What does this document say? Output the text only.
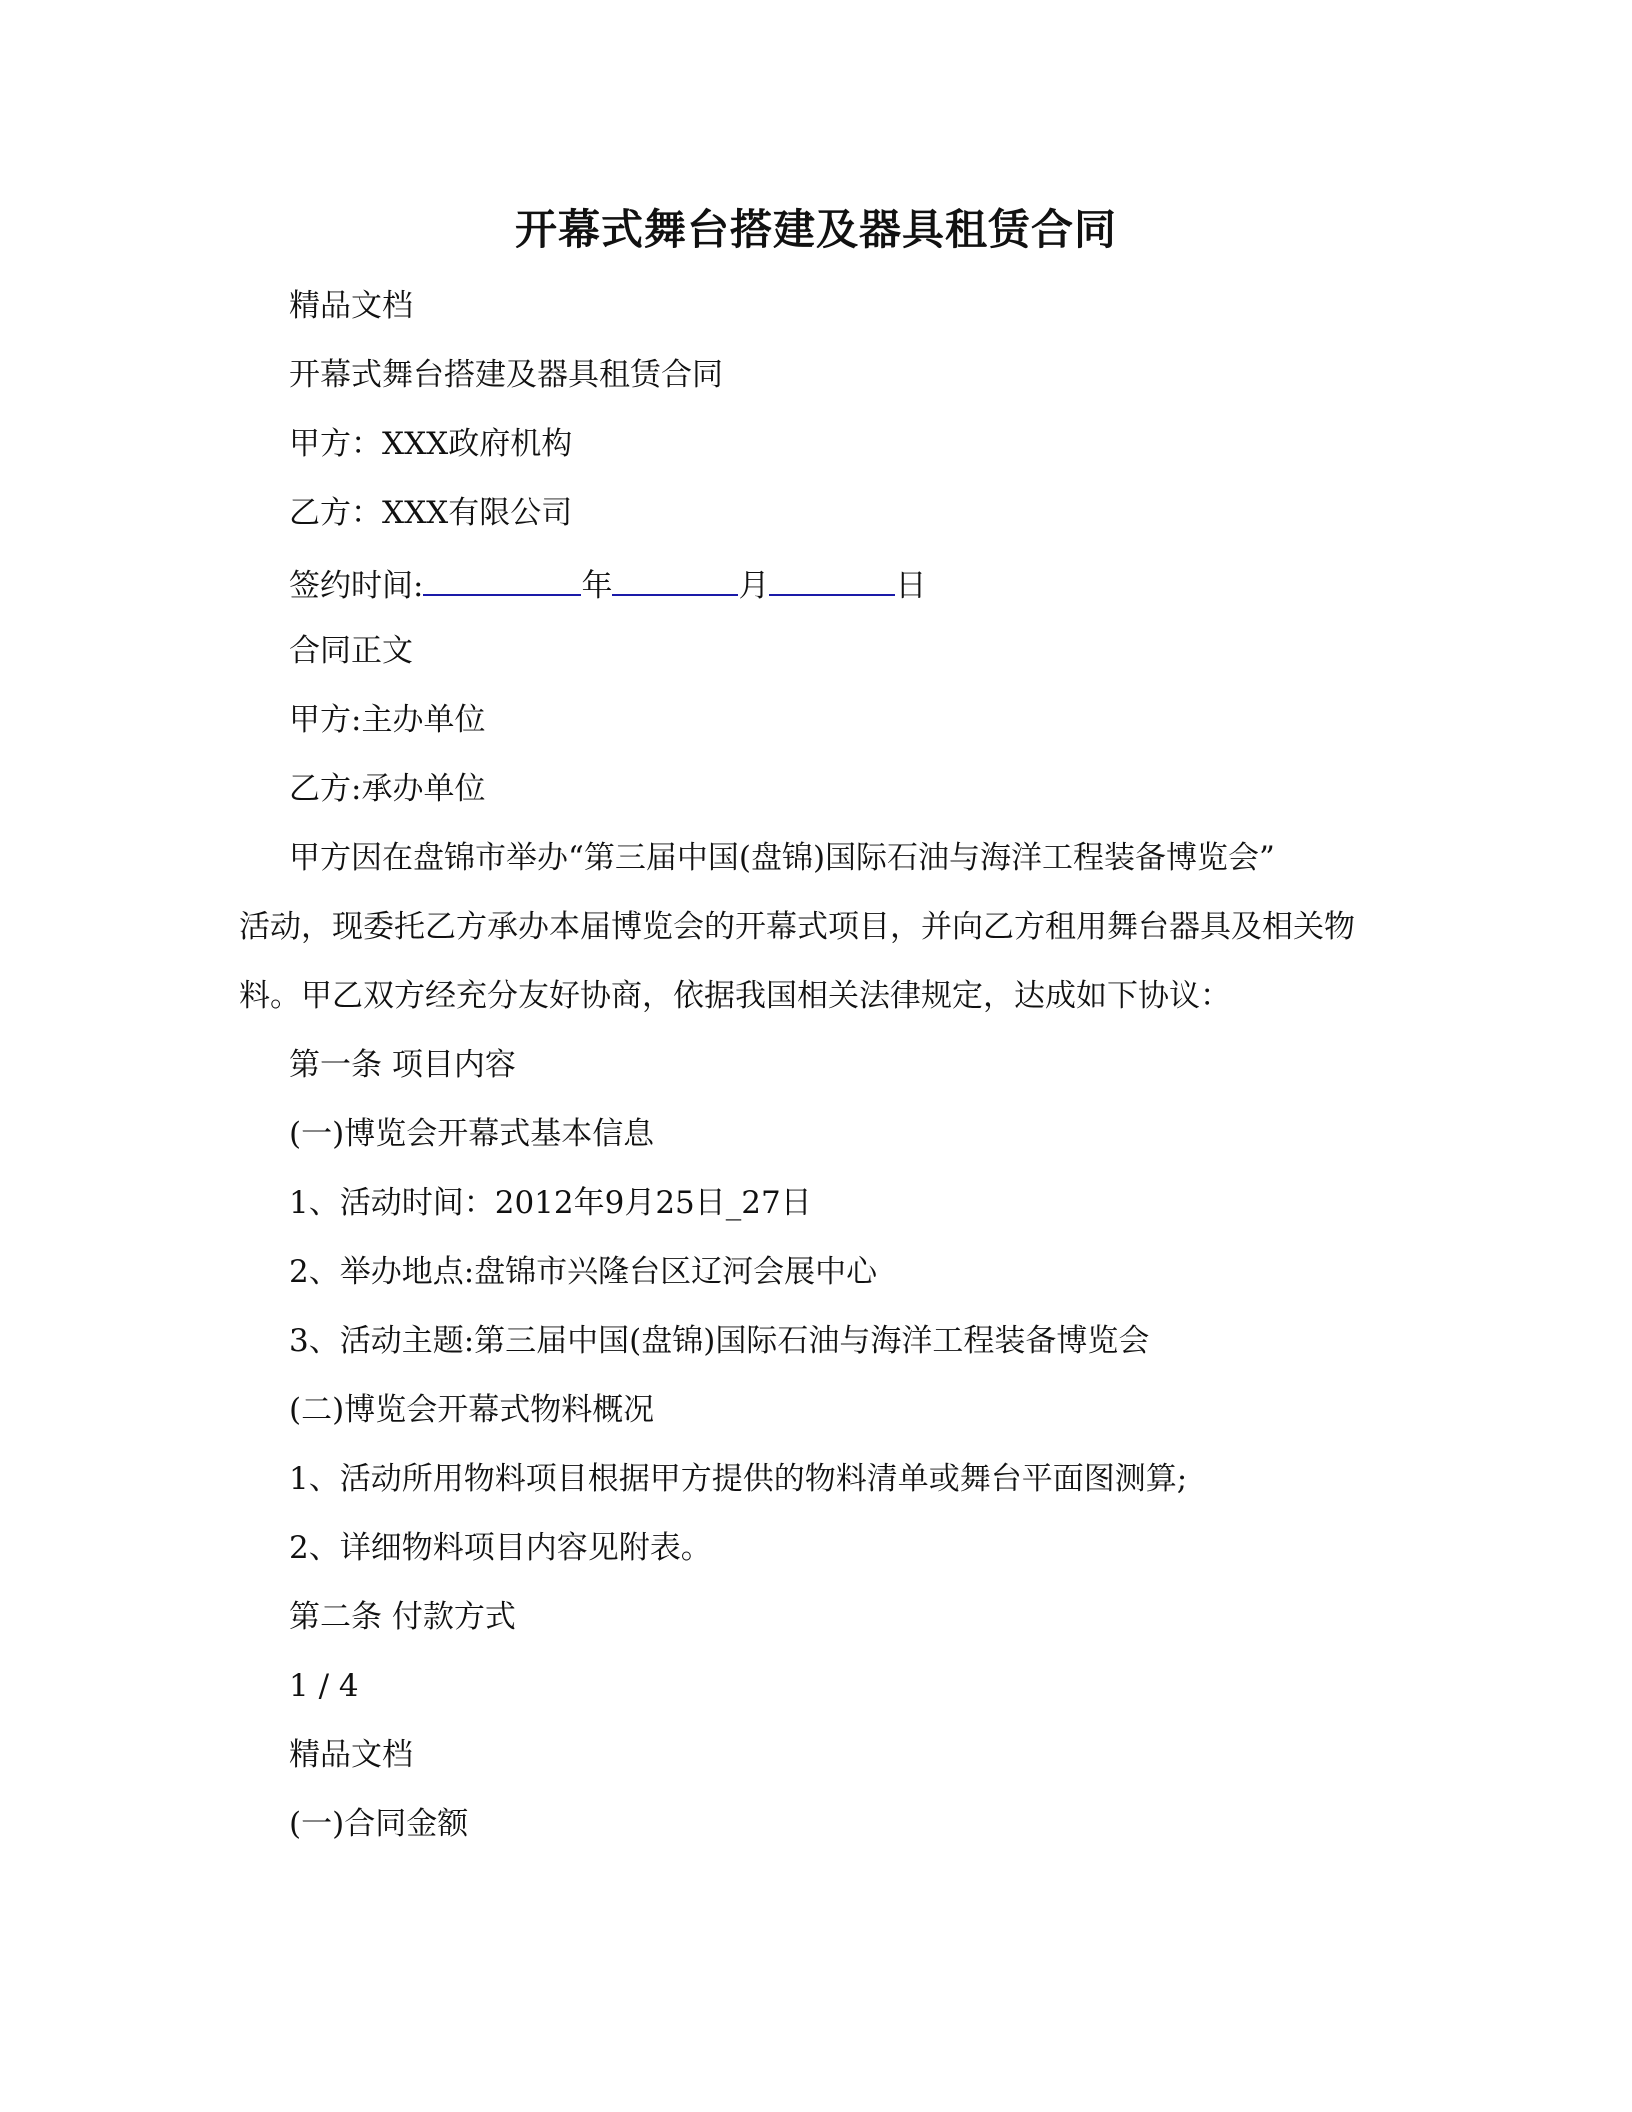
开幕式舞台搭建及器具租赁合同
精品文档
开幕式舞台搭建及器具租赁合同
甲方：XXX政府机构
乙方：XXX有限公司
签约时间:	年	月	日
合同正文
甲方:主办单位
乙方:承办单位
甲方因在盘锦市举办“第三届中国(盘锦)国际石油与海洋工程装备博览会”
活动，现委托乙方承办本届博览会的开幕式项目，并向乙方租用舞台器具及相关物
料。甲乙双方经充分友好协商，依据我国相关法律规定，达成如下协议：
第一条 项目内容
(一)博览会开幕式基本信息
1、活动时间：2012年9月25日_27日
2、举办地点:盘锦市兴隆台区辽河会展中心
3、活动主题:第三届中国(盘锦)国际石油与海洋工程装备博览会
(二)博览会开幕式物料概况
1、活动所用物料项目根据甲方提供的物料清单或舞台平面图测算;
2、详细物料项目内容见附表。
第二条 付款方式
1 / 4
精品文档
(一)合同金额
